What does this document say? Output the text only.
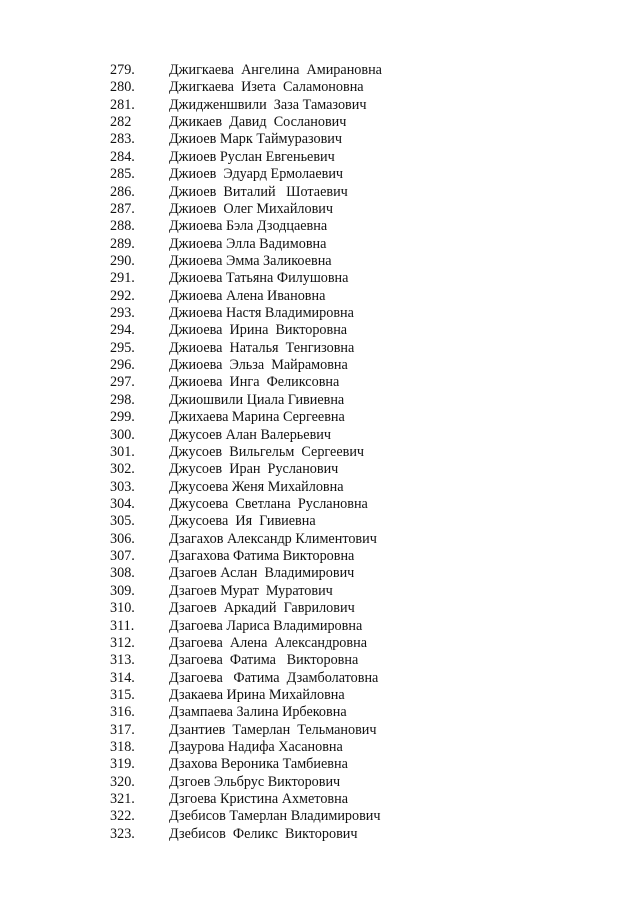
279.	Джигкаева  Ангелина  Амирановна
280.	Джигкаева  Изета  Саламоновна
281.	Джидженшвили  Заза Тамазович
282	Джикаев  Давид  Сосланович
283.	Джиоев Марк Таймуразович
284.	Джиоев Руслан Евгеньевич
285.	Джиоев  Эдуард Ермолаевич
286.	Джиоев  Виталий   Шотаевич
287.	Джиоев  Олег Михайлович
288.	Джиоева Бэла Дзодцаевна
289.	Джиоева Элла Вадимовна
290.	Джиоева Эмма Заликоевна
291.	Джиоева Татьяна Филушовна
292.	Джиоева Алена Ивановна
293.	Джиоева Настя Владимировна
294.	Джиоева  Ирина  Викторовна
295.	Джиоева  Наталья  Тенгизовна
296.	Джиоева  Эльза  Майрамовна
297.	Джиоева  Инга  Феликсовна
298.	Джиошвили Циала Гивиевна
299.	Джихаева Марина Сергеевна
300.	Джусоев Алан Валерьевич
301.	Джусоев  Вильгельм  Сергеевич
302.	Джусоев  Иран  Русланович
303.	Джусоева Женя Михайловна
304.	Джусоева  Светлана  Руслановна
305.	Джусоева  Ия  Гивиевна
306.	Дзагахов Александр Климентович
307.	Дзагахова Фатима Викторовна
308.	Дзагоев Аслан  Владимирович
309.	Дзагоев Мурат  Муратович
310.	Дзагоев  Аркадий  Гаврилович
311.	Дзагоева Лариса Владимировна
312.	Дзагоева  Алена  Александровна
313.	Дзагоева  Фатима   Викторовна
314.	Дзагоева   Фатима  Дзамболатовна
315.	Дзакаева Ирина Михайловна
316.	Дзампаева Залина Ирбековна
317.	Дзантиев  Тамерлан  Тельманович
318.	Дзаурова Надифа Хасановна
319.	Дзахова Вероника Тамбиевна
320.	Дзгоев Эльбрус Викторович
321.	Дзгоева Кристина Ахметовна
322.	Дзебисов Тамерлан Владимирович
323.	Дзебисов  Феликс  Викторович
